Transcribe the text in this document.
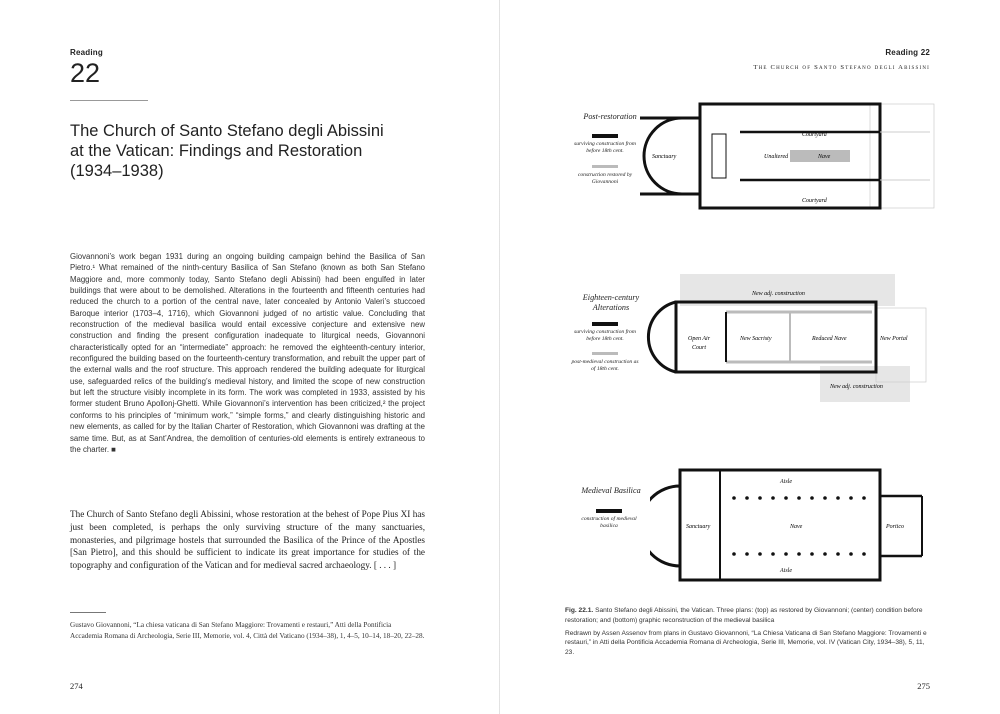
Reading
22
The Church of Santo Stefano degli Abissini at the Vatican: Findings and Restoration (1934–1938)
Giovannoni’s work began 1931 during an ongoing building campaign behind the Basilica of San Pietro.¹ What remained of the ninth-century Basilica of San Stefano (known as both San Stefano Maggiore and, more commonly today, Santo Stefano degli Abissini) had been engulfed in later buildings that were about to be demolished. Alterations in the fourteenth and fifteenth centuries had reduced the church to a portion of the central nave, later concealed by Antonio Valeri’s stuccoed Baroque interior (1703–4, 1716), which Giovannoni judged of no artistic value. Concluding that reconstruction of the medieval basilica would entail excessive conjecture and extensive new construction and finding the present configuration inadequate to liturgical needs, Giovannoni characteristically opted for an “intermediate” approach: he removed the eighteenth-century interior, reconfigured the building based on the fourteenth-century transformation, and rebuilt the upper part of the external walls and the roof structure. This approach rendered the building adequate for liturgical use, safeguarded relics of the building’s medieval history, and limited the scope of new construction but left the structure visibly incomplete in its form. The work was completed in 1933, assisted by his former student Bruno Apollonj-Ghetti. While Giovannoni’s intervention has been criticized,² the project conforms to his principles of “minimum work,” “simple forms,” and clearly distinguishing historic and new elements, as called for by the Italian Charter of Restoration, which Giovannoni was drafting at the same time. But, as at Sant’Andrea, the demolition of centuries-old elements is entirely extraneous to the charter. ■
The Church of Santo Stefano degli Abissini, whose restoration at the behest of Pope Pius XI has just been completed, is perhaps the only surviving structure of the many sanctuaries, monasteries, and pilgrimage hostels that surrounded the Basilica of the Prince of the Apostles [San Pietro], and this should be sufficient to indicate its great importance for studies of the topography and configuration of the Vatican and for medieval sacred archaeology. [ . . . ]
Gustavo Giovannoni, “La chiesa vaticana di San Stefano Maggiore: Trovamenti e restauri,” Atti della Pontificia Accademia Romana di Archeologia, Serie III, Memorie, vol. 4, Città del Vaticano (1934–38), 1, 4–5, 10–14, 18–20, 22–28.
274
Reading 22
The Church of Santo Stefano degli Abissini
275
Post-restoration
surviving construction from before 18th cent.
construction restored by Giovannoni
Courtyard
Sanctuary	Unaltered	Nave
Courtyard
Eighteen-century Alterations
surviving construction from before 18th cent.
post-medieval construction as of 18th cent.
New adj. construction
Open Air
Court
New Sacristy	Reduced Nave	New Portal
New adj. construction
Medieval Basilica
construction of medieval basilica
Aisle
Sanctuary	Nave	Portico
Aisle

Fig. 22.1. Santo Stefano degli Abissini, the Vatican. Three plans: (top) as restored by Giovannoni; (center) condition before restoration; and (bottom) graphic reconstruction of the medieval basilica

Redrawn by Assen Assenov from plans in Gustavo Giovannoni, “La Chiesa Vaticana di San Stefano Maggiore: Trovamenti e restauri,” in Atti della Pontificia Accademia Romana di Archeologia, Serie III, Memorie, vol. IV (Vatican City, 1934–38), 5, 11, 23.
